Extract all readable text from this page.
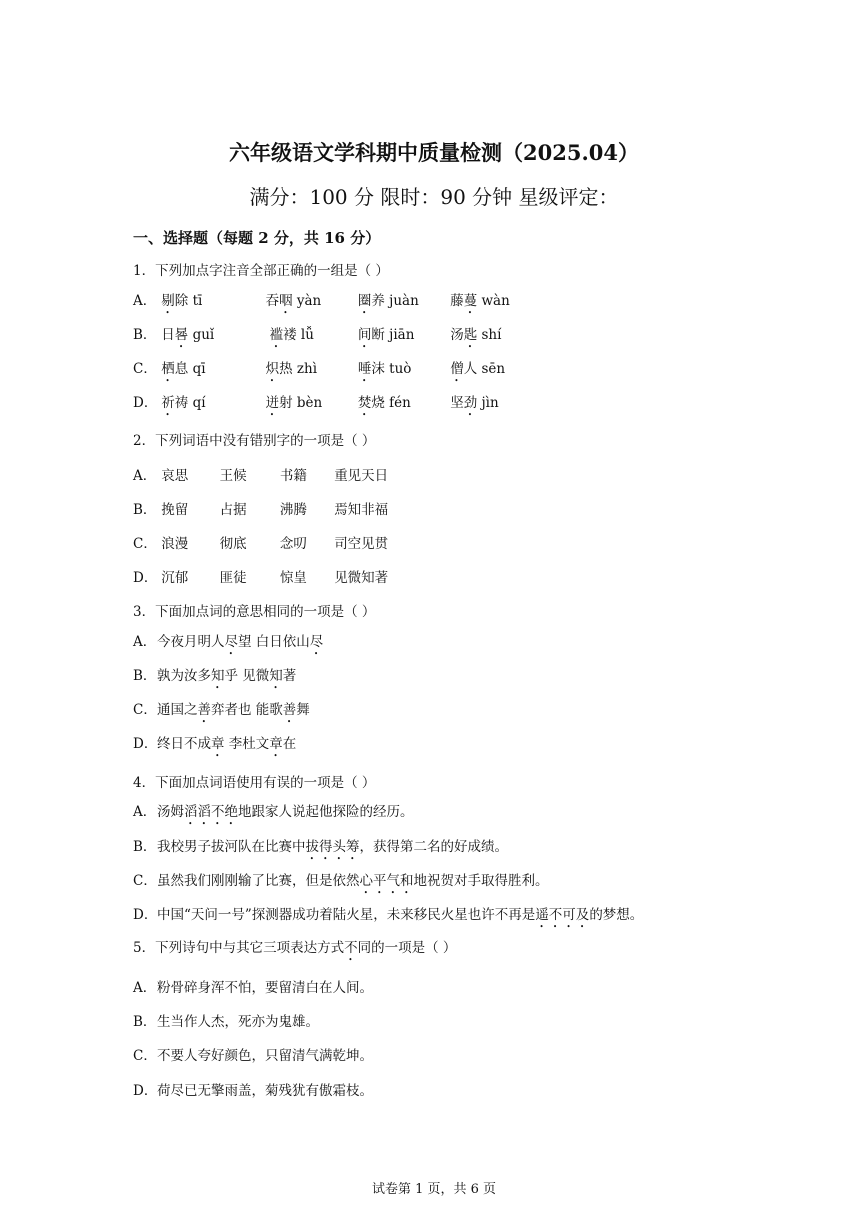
六年级语文学科期中质量检测（2025.04）
满分：100 分 限时：90 分钟 星级评定：
一、选择题（每题 2 分，共 16 分）
1．下列加点字注音全部正确的一组是（ ）
A． 剔除 tī	吞咽 yàn	圈养 juàn 藤蔓 wàn
B． 日晷 guǐ	褴褛 lǚ	间断 jiān	汤匙 shí
C． 栖息 qī	炽热 zhì	唾沫 tuò	僧人 sēn
D． 祈祷 qí	迸射 bèn	焚烧 fén	坚劲 jìn
2．下列词语中没有错别字的一项是（ ）
A． 哀思 王候 书籍 重见天日
B． 挽留 占据 沸腾 焉知非福
C． 浪漫 彻底 念叨 司空见贯
D． 沉郁 匪徒 惊皇 见微知著
3．下面加点词的意思相同的一项是（ ）
A．今夜月明人尽望 白日依山尽
B．孰为汝多知乎 见微知著
C．通国之善弈者也 能歌善舞
D．终日不成章 李杜文章在
4．下面加点词语使用有误的一项是（ ）
A．汤姆滔滔不绝地跟家人说起他探险的经历。
B．我校男子拔河队在比赛中拔得头筹，获得第二名的好成绩。
C．虽然我们刚刚输了比赛，但是依然心平气和地祝贺对手取得胜利。
D．中国“天问一号”探测器成功着陆火星，未来移民火星也许不再是遥不可及的梦想。
5．下列诗句中与其它三项表达方式不同的一项是（ ）
A．粉骨碎身浑不怕，要留清白在人间。
B．生当作人杰，死亦为鬼雄。
C．不要人夸好颜色，只留清气满乾坤。
D．荷尽已无擎雨盖，菊残犹有傲霜枝。
试卷第 1 页，共 6 页
